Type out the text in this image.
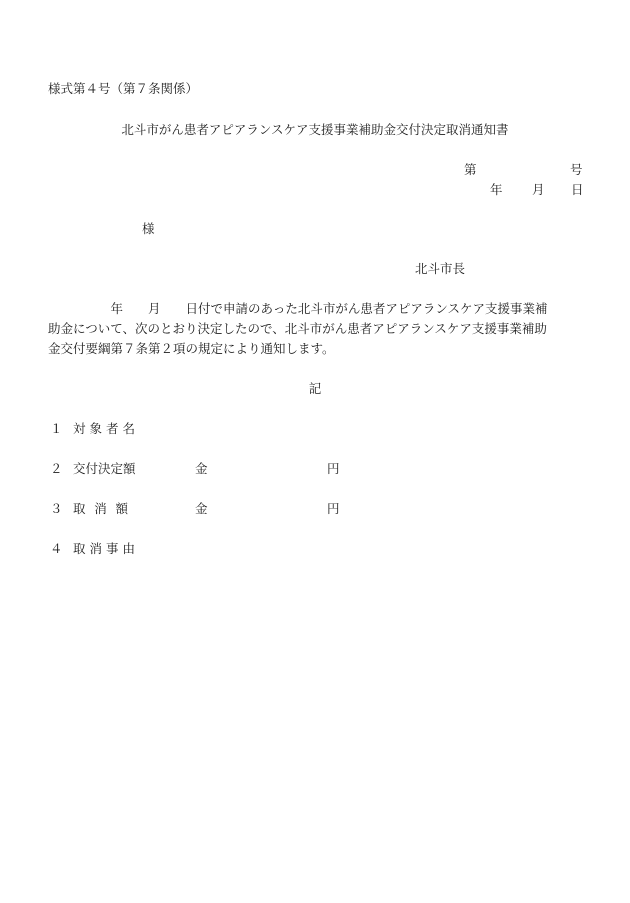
様式第４号（第７条関係）
北斗市がん患者アピアランスケア支援事業補助金交付決定取消通知書
第	号
年 月 日
様
北斗市長
　　　　　年　　月　　日付で申請のあった北斗市がん患者アピアランスケア支援事業補
助金について、次のとおり決定したので、北斗市がん患者アピアランスケア支援事業補助
金交付要綱第７条第２項の規定により通知します。
記
１ 対象者名
２ 交付決定額	金	円
３ 取消額	金	円
４ 取消事由
